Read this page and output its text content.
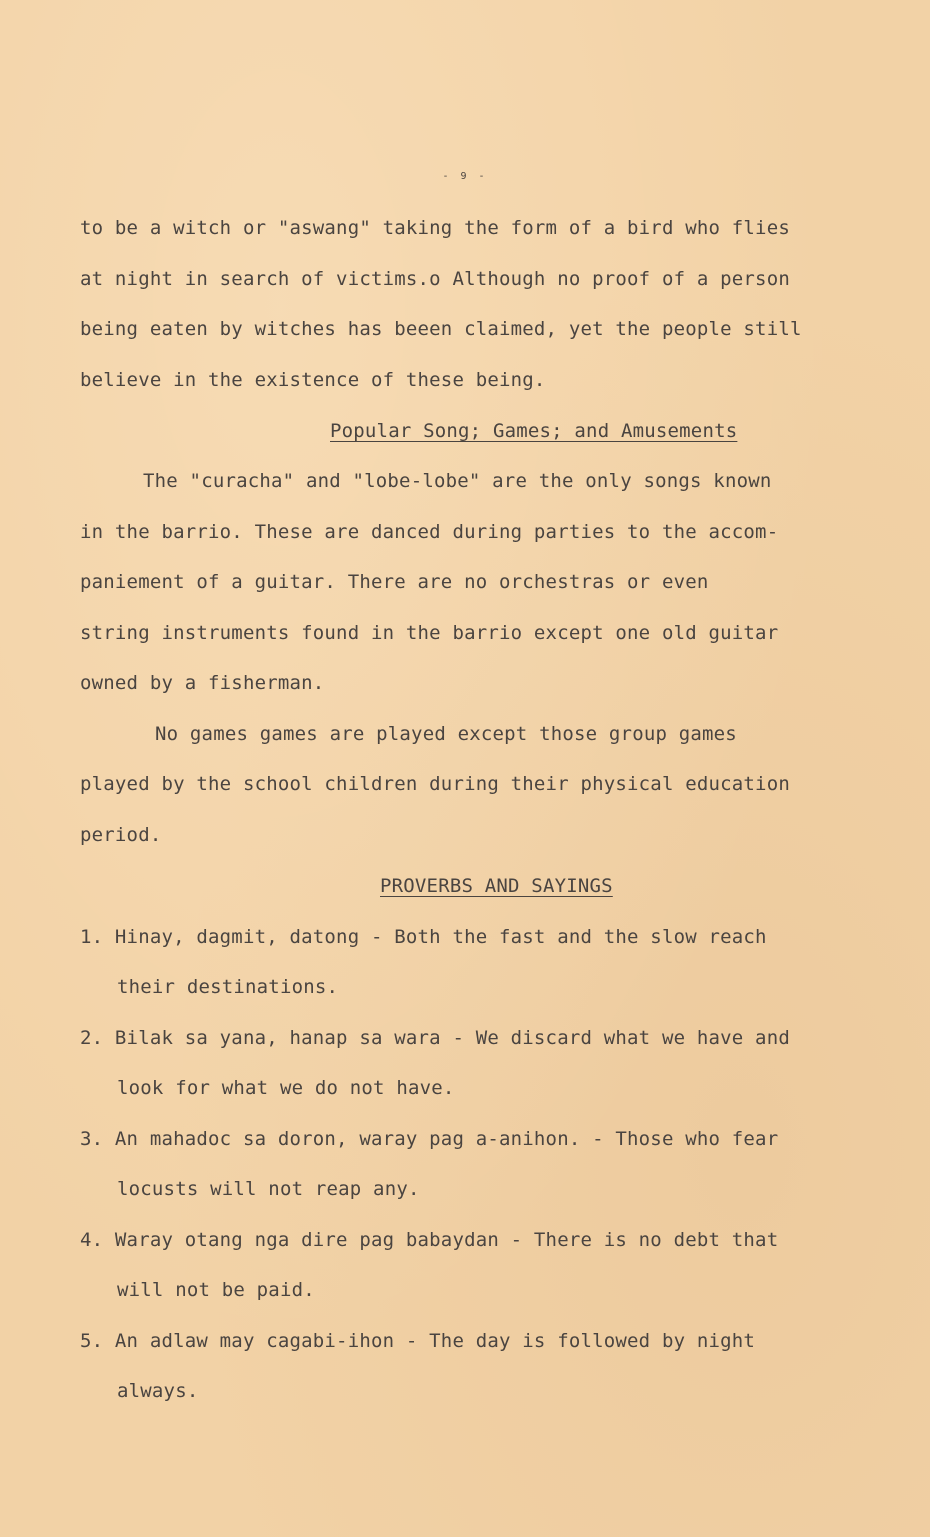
- 9 -
to be a witch or "aswang" taking the form of a bird who flies
at night in search of victims.o Although no proof of a person
being eaten by witches has beeen claimed, yet the people still
believe in the existence of these being.
Popular Song; Games; and Amusements
The "curacha" and "lobe-lobe" are the only songs known
in the barrio. These are danced during parties to the accom-
paniement of a guitar. There are no orchestras or even
string instruments found in the barrio except one old guitar
owned by a fisherman.
No games games are played except those group games
played by the school children during their physical education
period.
PROVERBS AND SAYINGS
1. Hinay, dagmit, datong - Both the fast and the slow reach
their destinations.
2. Bilak sa yana, hanap sa wara - We discard what we have and
look for what we do not have.
3. An mahadoc sa doron, waray pag a-anihon. - Those who fear
locusts will not reap any.
4. Waray otang nga dire pag babaydan - There is no debt that
will not be paid.
5. An adlaw may cagabi-ihon - The day is followed by night
always.
